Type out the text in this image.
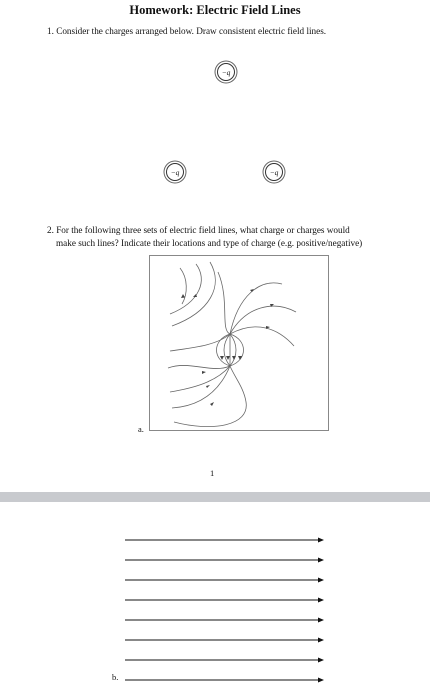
Homework: Electric Field Lines
1. Consider the charges arranged below. Draw consistent electric field lines.
−q
−q	−q
2. For the following three sets of electric field lines, what charge or charges would
make such lines? Indicate their locations and type of charge (e.g. positive/negative)
a.
1
b.
